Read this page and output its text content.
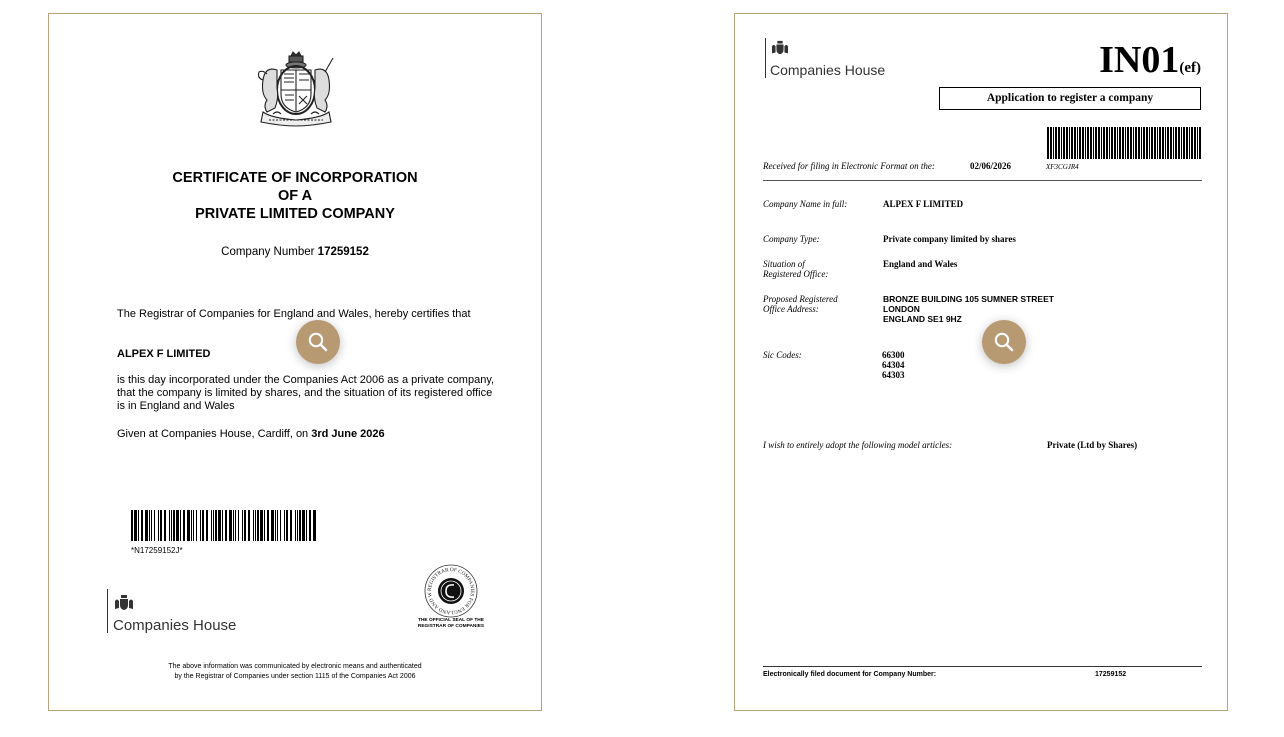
CERTIFICATE OF INCORPORATION
OF A
PRIVATE LIMITED COMPANY
Company Number 17259152
The Registrar of Companies for England and Wales, hereby certifies that
ALPEX F LIMITED
is this day incorporated under the Companies Act 2006 as a private company, that the company is limited by shares, and the situation of its registered office is in England and Wales
Given at Companies House, Cardiff, on 3rd June 2026
*N17259152J*
Companies House
REGISTRAR OF COMPANIES FOR ENGLAND AND W
THE OFFICIAL SEAL OF THE
REGISTRAR OF COMPANIES
The above information was communicated by electronic means and authenticated
by the Registrar of Companies under section 1115 of the Companies Act 2006
Companies House	IN01(ef)
Application to register a company
Received for filing in Electronic Format on the:	02/06/2026	XF3CGJR4
Company Name in full:	ALPEX F LIMITED
Company Type:	Private company limited by shares
Situation of Registered Office:
England and Wales
Proposed Registered Office Address:
BRONZE BUILDING 105 SUMNER STREET
LONDON
ENGLAND SE1 9HZ
Sic Codes:	66300
64304
64303
I wish to entirely adopt the following model articles:	Private (Ltd by Shares)
Electronically filed document for Company Number:	17259152
